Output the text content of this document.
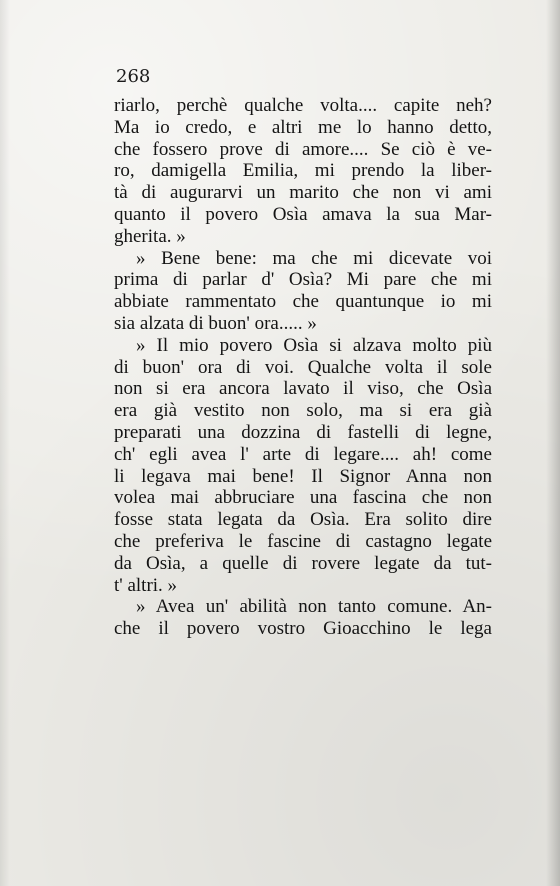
268
riarlo, perchè qualche volta.... capite neh?
Ma io credo, e altri me lo hanno detto,
che fossero prove di amore.... Se ciò è ve-
ro, damigella Emilia, mi prendo la liber-
tà di augurarvi un marito che non vi ami
quanto il povero Osìa amava la sua Mar-
gherita. »
» Bene bene: ma che mi dicevate voi
prima di parlar d' Osìa? Mi pare che mi
abbiate rammentato che quantunque io mi
sia alzata di buon' ora..... »
» Il mio povero Osìa si alzava molto più
di buon' ora di voi. Qualche volta il sole
non si era ancora lavato il viso, che Osìa
era già vestito non solo, ma si era già
preparati una dozzina di fastelli di legne,
ch' egli avea l' arte di legare.... ah! come
li legava mai bene! Il Signor Anna non
volea mai abbruciare una fascina che non
fosse stata legata da Osìa. Era solito dire
che preferiva le fascine di castagno legate
da Osìa, a quelle di rovere legate da tut-
t' altri. »
» Avea un' abilità non tanto comune. An-
che il povero vostro Gioacchino le lega
